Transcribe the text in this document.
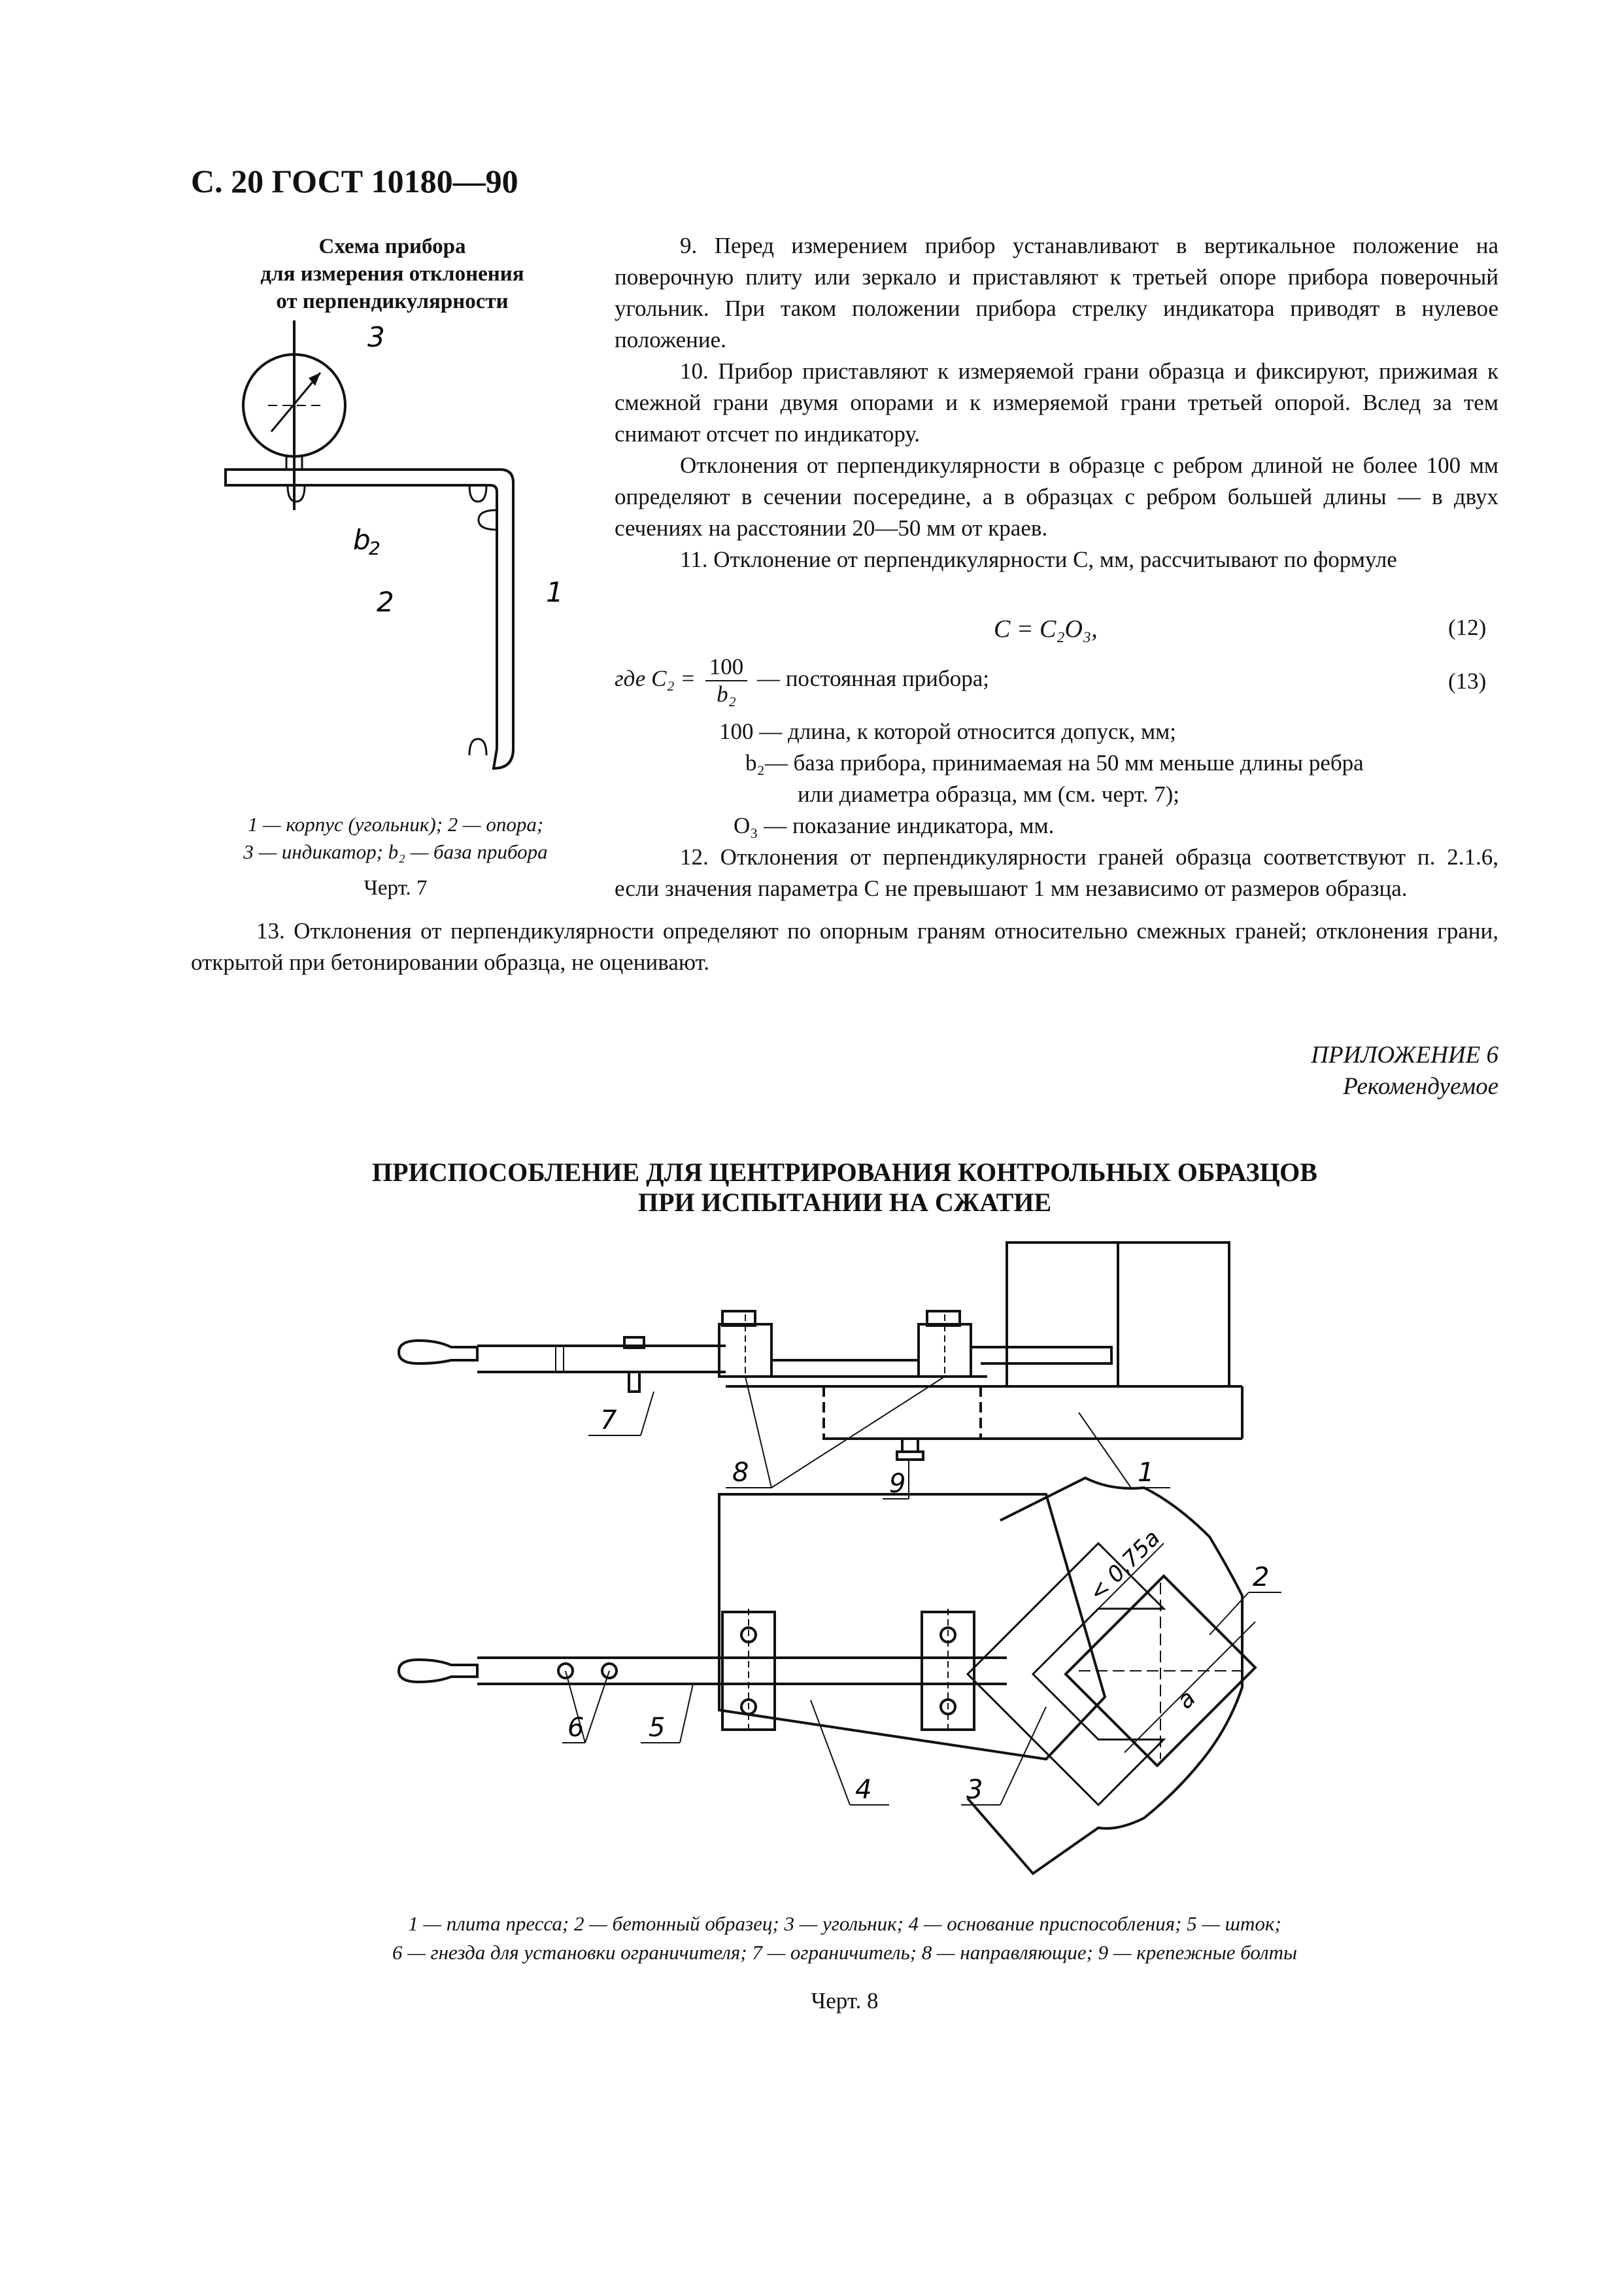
С. 20 ГОСТ 10180—90
Схема прибора
для измерения отклонения
от перпендикулярности
3
1
2
b
2
1 — корпус (угольник); 2 — опора;
3 — индикатор; b₂ — база прибора
Черт. 7

9. Перед измерением прибор устанавливают в вертикальное положение на поверочную плиту или зеркало и приставляют к третьей опоре прибора поверочный угольник. При таком положении прибора стрелку индикатора приводят в нулевое положение.

10. Прибор приставляют к измеряемой грани образца и фиксируют, прижимая к смежной грани двумя опорами и к измеряемой грани третьей опорой. Вслед за тем снимают отсчет по индикатору.

Отклонения от перпендикулярности в образце с ребром длиной не более 100 мм определяют в сечении посередине, а в образцах с ребром большей длины — в двух сечениях на расстоянии 20—50 мм от краев.

11. Отклонение от перпендикулярности C, мм, рассчитывают по формуле

C = C₂O₃,	(12)
где $C_2 = \frac{100}{\text{b₂}}$ — постоянная прибора;	(13)
100 — длина, к которой относится допуск, мм;
b₂— база прибора, принимаемая на 50 мм меньше длины ребра
или диаметра образца, мм (см. черт. 7);
O₃ — показание индикатора, мм.

12. Отклонения от перпендикулярности граней образца соответствуют п. 2.1.6, если значения параметра C не превышают 1 мм независимо от размеров образца.

13. Отклонения от перпендикулярности определяют по опорным граням относительно смежных граней; отклонения грани, открытой при бетонировании образца, не оценивают.

ПРИЛОЖЕНИЕ 6
Рекомендуемое
ПРИСПОСОБЛЕНИЕ ДЛЯ ЦЕНТРИРОВАНИЯ КОНТРОЛЬНЫХ ОБРАЗЦОВ
ПРИ ИСПЫТАНИИ НА СЖАТИЕ
7
8	9	1
2
6 5
4	3
< 0,75a
a
1 — плита пресса; 2 — бетонный образец; 3 — угольник; 4 — основание приспособления; 5 — шток;
6 — гнезда для установки ограничителя; 7 — ограничитель; 8 — направляющие; 9 — крепежные болты
Черт. 8
